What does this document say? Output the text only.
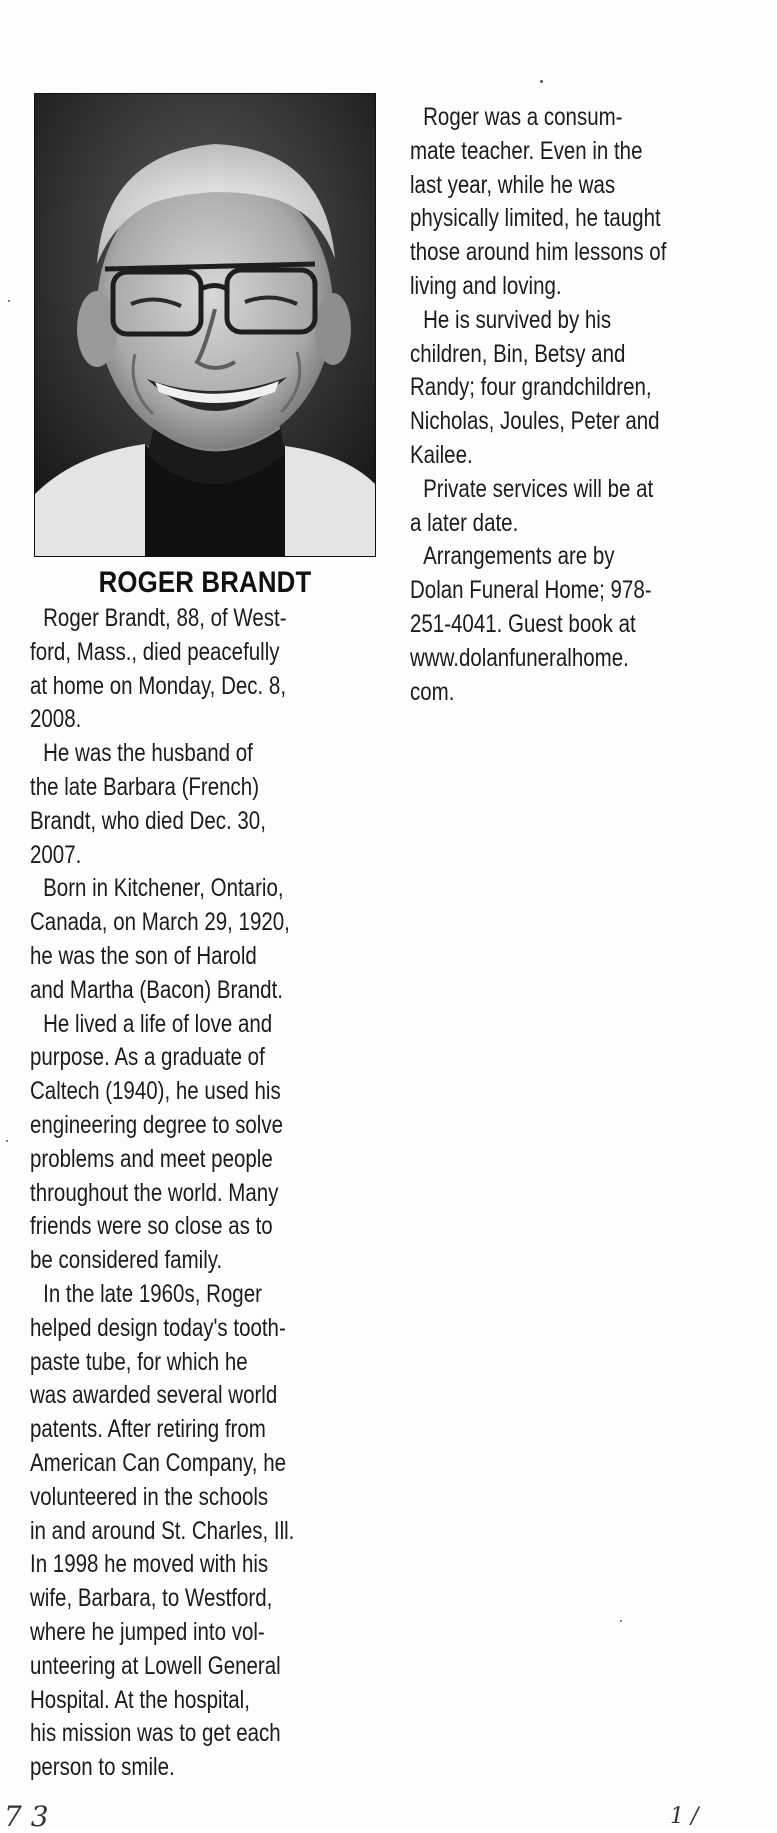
ROGER BRANDT

Roger Brandt, 88, of West-
ford, Mass., died peacefully
at home on Monday, Dec. 8,
2008.

He was the husband of
the late Barbara (French)
Brandt, who died Dec. 30,
2007.

Born in Kitchener, Ontario,
Canada, on March 29, 1920,
he was the son of Harold
and Martha (Bacon) Brandt.

He lived a life of love and
purpose. As a graduate of
Caltech (1940), he used his
engineering degree to solve
problems and meet people
throughout the world. Many
friends were so close as to
be considered family.

In the late 1960s, Roger
helped design today's tooth-
paste tube, for which he
was awarded several world
patents. After retiring from
American Can Company, he
volunteered in the schools
in and around St. Charles, Ill.
In 1998 he moved with his
wife, Barbara, to Westford,
where he jumped into vol-
unteering at Lowell General
Hospital. At the hospital,
his mission was to get each
person to smile.

Roger was a consum-
mate teacher. Even in the
last year, while he was
physically limited, he taught
those around him lessons of
living and loving.

He is survived by his
children, Bin, Betsy and
Randy; four grandchildren,
Nicholas, Joules, Peter and
Kailee.

Private services will be at
a later date.

Arrangements are by
Dolan Funeral Home; 978-
251-4041. Guest book at
www.dolanfuneralhome.
com.

7 3	1 /
